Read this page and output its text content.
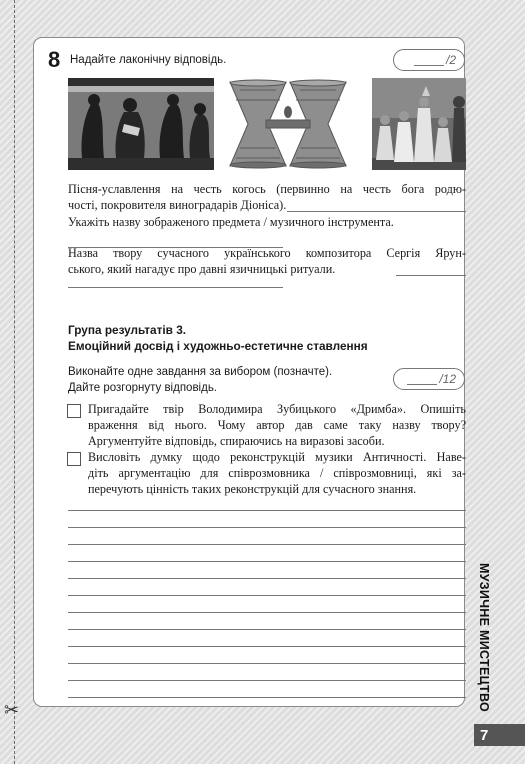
✂
8 Надайте лаконічну відповідь.	/2
Пісня-уславлення на честь когось (первинно на честь бога родю-
чості, покровителя виноградарів Діоніса).
Укажіть назву зображеного предмета / музичного інструмента.
Назва твору сучасного українського композитора Сергія Ярун-
ського, який нагадує про давні язичницькі ритуали.
Група результатів 3.
Емоційний досвід і художньо-естетичне ставлення
Виконайте одне завдання за вибором (позначте).
Дайте розгорнуту відповідь.
/12
Пригадайте твір Володимира Зубицького «Дримба». Опишіть
враження від нього. Чому автор дав саме таку назву твору?
Аргументуйте відповідь, спираючись на виразові засоби.
Висловіть думку щодо реконструкцій музики Античності. Наве-
діть аргументацію для співрозмовника / співрозмовниці, які за-
перечують цінність таких реконструкцій для сучасного знання.
МУЗИЧНЕ МИСТЕЦТВО
7
